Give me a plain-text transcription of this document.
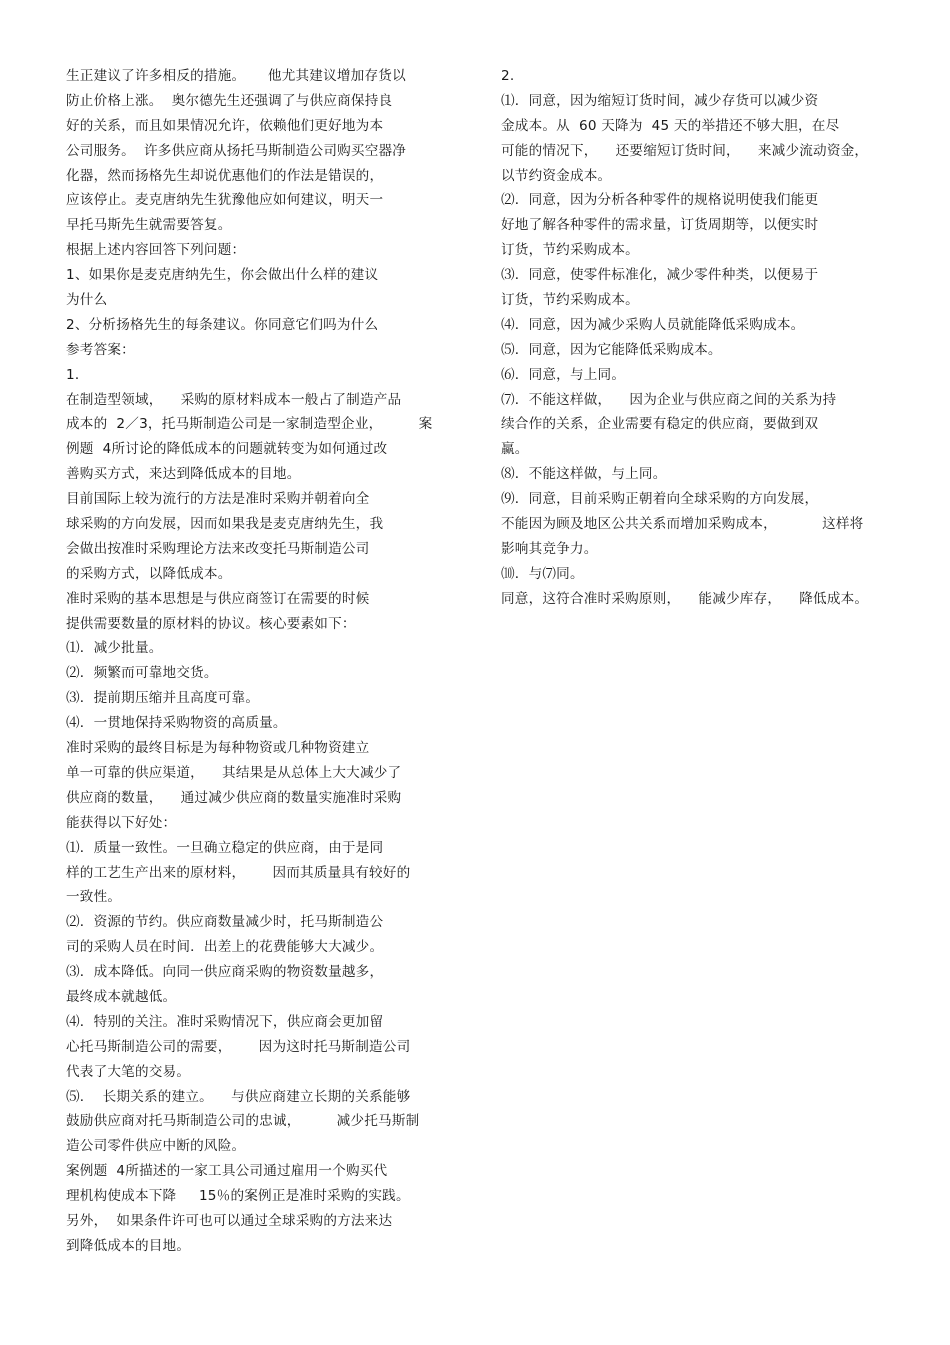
生正建议了许多相反的措施。     他尤其建议增加存货以
防止价格上涨。  奥尔德先生还强调了与供应商保持良
好的关系，而且如果情况允许，依赖他们更好地为本
公司服务。  许多供应商从扬托马斯制造公司购买空器净
化器，然而扬格先生却说优惠他们的作法是错误的，
应该停止。麦克唐纳先生犹豫他应如何建议，明天一
早托马斯先生就需要答复。
根据上述内容回答下列问题：
1、如果你是麦克唐纳先生，你会做出什么样的建议
为什么
2、分析扬格先生的每条建议。你同意它们吗为什么
参考答案：
1．
在制造型领域，    采购的原材料成本一般占了制造产品
成本的  2／3，托马斯制造公司是一家制造型企业，        案
例题  4所讨论的降低成本的问题就转变为如何通过改
善购买方式，来达到降低成本的目地。
目前国际上较为流行的方法是准时采购并朝着向全
球采购的方向发展，因而如果我是麦克唐纳先生，我
会做出按准时采购理论方法来改变托马斯制造公司
的采购方式，以降低成本。
准时采购的基本思想是与供应商签订在需要的时候
提供需要数量的原材料的协议。核心要素如下：
⑴．减少批量。
⑵．频繁而可靠地交货。
⑶．提前期压缩并且高度可靠。
⑷．一贯地保持采购物资的高质量。
准时采购的最终目标是为每种物资或几种物资建立
单一可靠的供应渠道，    其结果是从总体上大大减少了
供应商的数量，    通过减少供应商的数量实施准时采购
能获得以下好处：
⑴．质量一致性。一旦确立稳定的供应商，由于是同
样的工艺生产出来的原材料，      因而其质量具有较好的
一致性。
⑵．资源的节约。供应商数量减少时，托马斯制造公
司的采购人员在时间．出差上的花费能够大大减少。
⑶．成本降低。向同一供应商采购的物资数量越多，
最终成本就越低。
⑷．特别的关注。准时采购情况下，供应商会更加留
心托马斯制造公司的需要，      因为这时托马斯制造公司
代表了大笔的交易。
⑸．  长期关系的建立。    与供应商建立长期的关系能够
鼓励供应商对托马斯制造公司的忠诚，        减少托马斯制
造公司零件供应中断的风险。
案例题  4所描述的一家工具公司通过雇用一个购买代
理机构使成本下降     15％的案例正是准时采购的实践。
另外，  如果条件许可也可以通过全球采购的方法来达
到降低成本的目地。
2.
⑴．同意，因为缩短订货时间，减少存货可以减少资
金成本。从  60 天降为  45 天的举措还不够大胆，在尽
可能的情况下，    还要缩短订货时间，    来减少流动资金，
以节约资金成本。
⑵．同意，因为分析各种零件的规格说明使我们能更
好地了解各种零件的需求量，订货周期等，以便实时
订货，节约采购成本。
⑶．同意，使零件标准化，减少零件种类，以便易于
订货，节约采购成本。
⑷．同意，因为减少采购人员就能降低采购成本。
⑸．同意，因为它能降低采购成本。
⑹．同意，与上同。
⑺．不能这样做，    因为企业与供应商之间的关系为持
续合作的关系，企业需要有稳定的供应商，要做到双
赢。
⑻．不能这样做，与上同。
⑼．同意，目前采购正朝着向全球采购的方向发展，
不能因为顾及地区公共关系而增加采购成本，          这样将
影响其竞争力。
⑽．与⑺同。
同意，这符合准时采购原则，    能减少库存，    降低成本。
